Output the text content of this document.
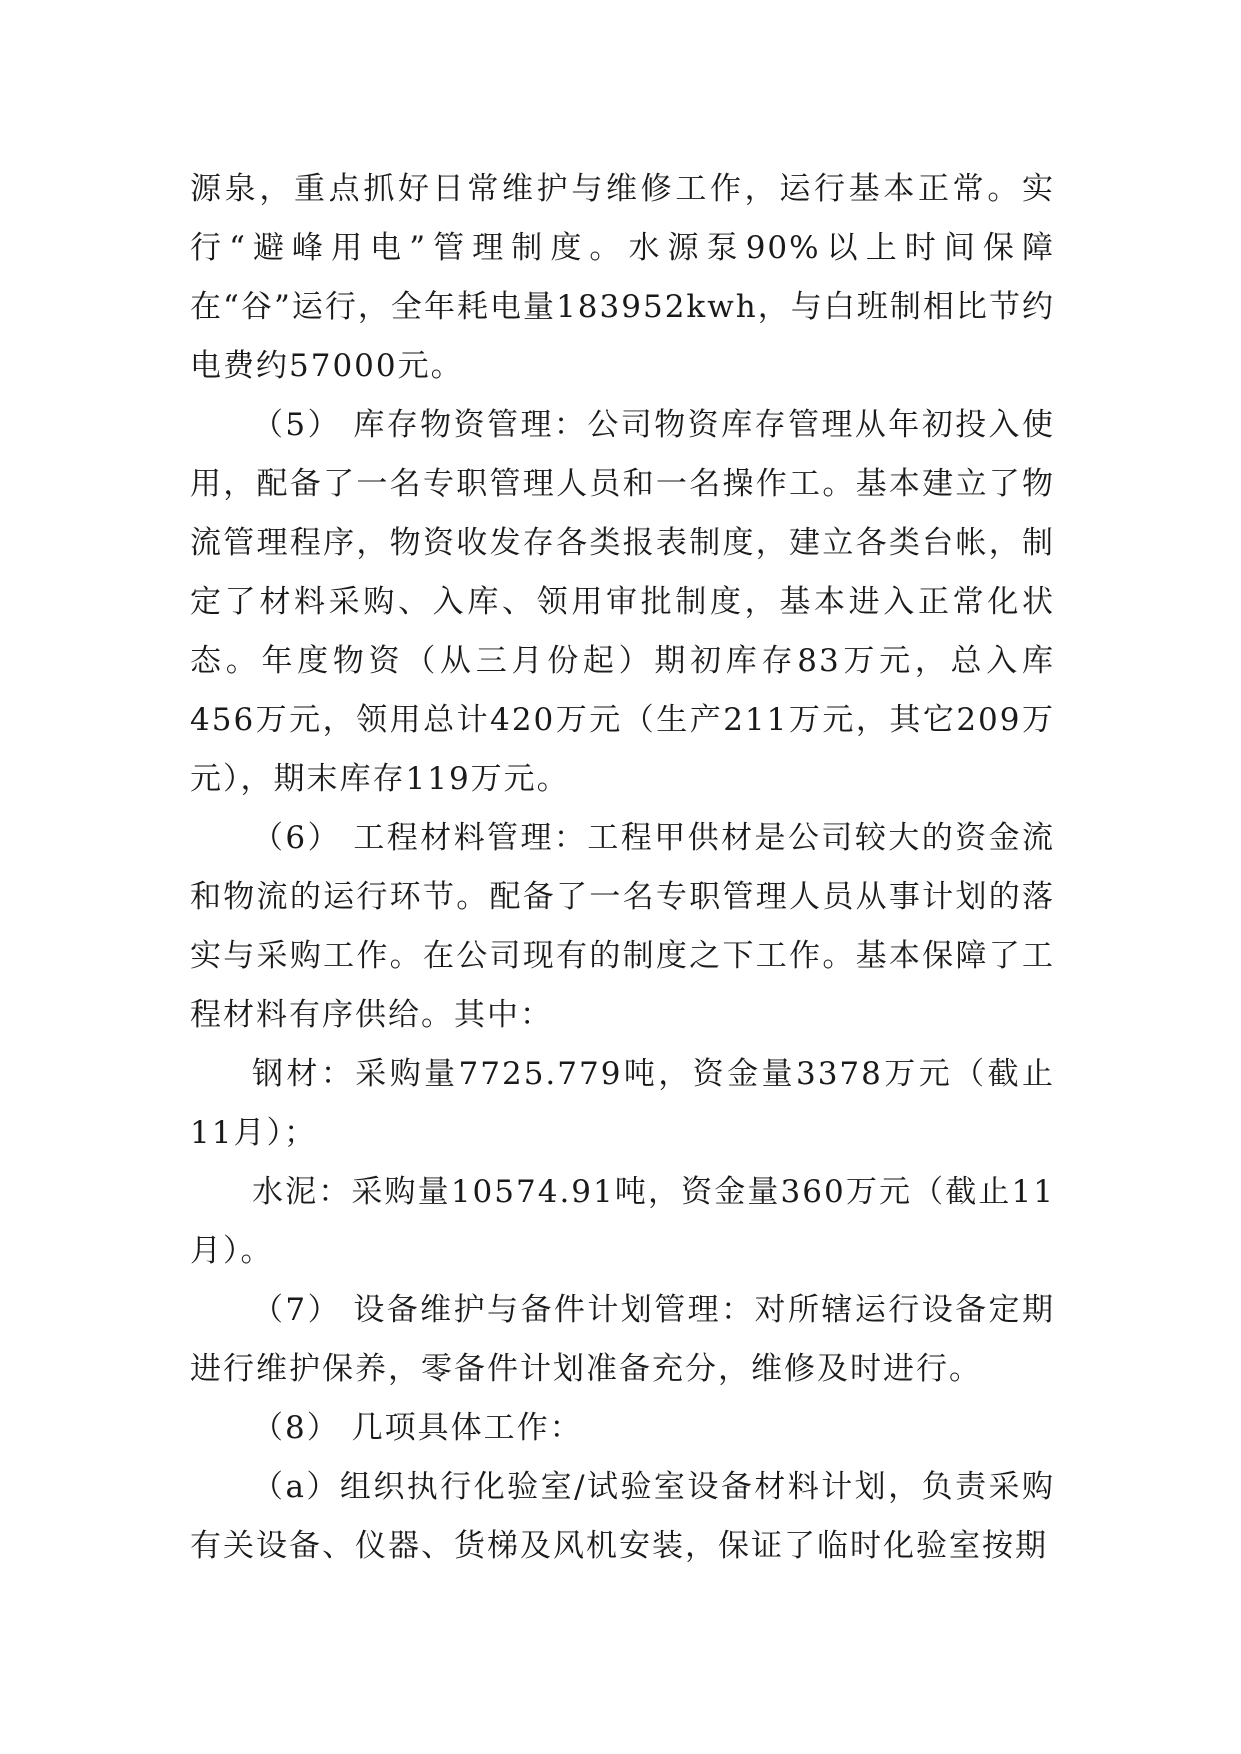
源泉，重点抓好日常维护与维修工作，运行基本正常。实行“避峰用电”管理制度。水源泵90%以上时间保障在“谷”运行，全年耗电量183952kwh，与白班制相比节约电费约57000元。

（5） 库存物资管理：公司物资库存管理从年初投入使用，配备了一名专职管理人员和一名操作工。基本建立了物流管理程序，物资收发存各类报表制度，建立各类台帐，制定了材料采购、入库、领用审批制度，基本进入正常化状态。年度物资（从三月份起）期初库存83万元，总入库456万元，领用总计420万元（生产211万元，其它209万元），期末库存119万元。

（6） 工程材料管理：工程甲供材是公司较大的资金流和物流的运行环节。配备了一名专职管理人员从事计划的落实与采购工作。在公司现有的制度之下工作。基本保障了工程材料有序供给。其中：

钢材：采购量7725.779吨，资金量3378万元（截止11月）；

水泥：采购量10574.91吨，资金量360万元（截止11月）。

（7） 设备维护与备件计划管理：对所辖运行设备定期进行维护保养，零备件计划准备充分，维修及时进行。

（8） 几项具体工作：

（a）组织执行化验室/试验室设备材料计划，负责采购有关设备、仪器、货梯及风机安装，保证了临时化验室按期
